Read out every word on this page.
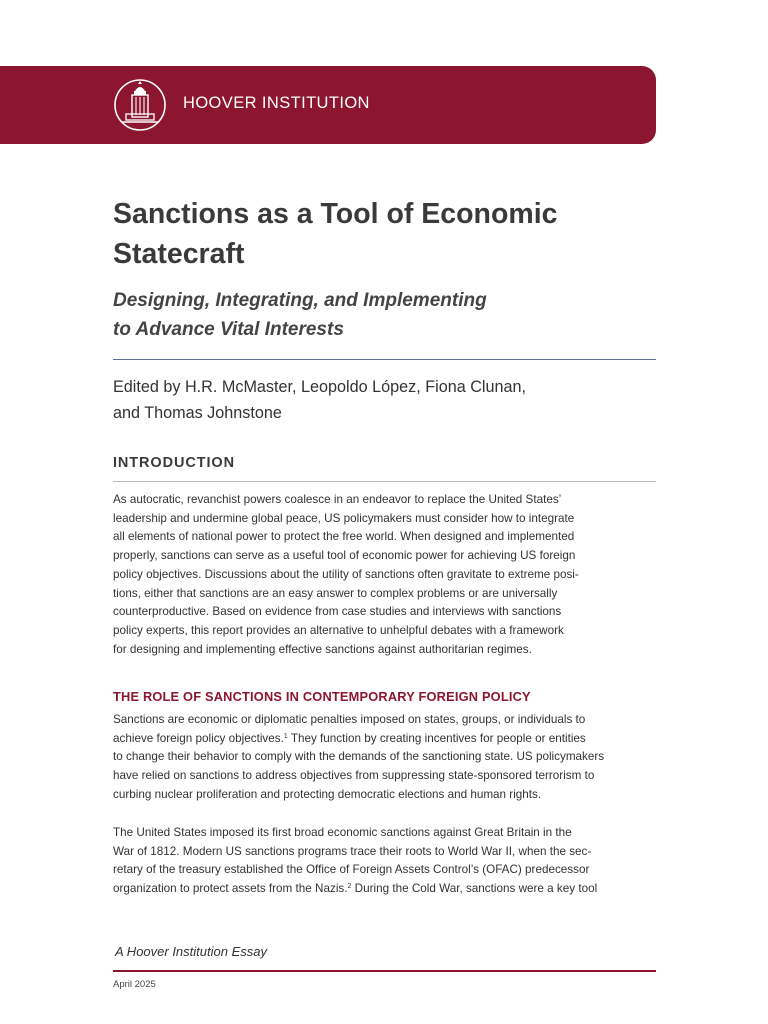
HOOVER INSTITUTION
Sanctions as a Tool of Economic Statecraft
Designing, Integrating, and Implementing
to Advance Vital Interests

Edited by H.R. McMaster, Leopoldo López, Fiona Clunan,
and Thomas Johnstone

INTRODUCTION
As autocratic, revanchist powers coalesce in an endeavor to replace the United States’
leadership and undermine global peace, US policymakers must consider how to integrate
all elements of national power to protect the free world. When designed and implemented
properly, sanctions can serve as a useful tool of economic power for achieving US foreign
policy objectives. Discussions about the utility of sanctions often gravitate to extreme posi-
tions, either that sanctions are an easy answer to complex problems or are universally
counterproductive. Based on evidence from case studies and interviews with sanctions
policy experts, this report provides an alternative to unhelpful debates with a framework
for designing and implementing effective sanctions against authoritarian regimes.
THE ROLE OF SANCTIONS IN CONTEMPORARY FOREIGN POLICY
Sanctions are economic or diplomatic penalties imposed on states, groups, or individuals to
achieve foreign policy objectives.$^1$ They function by creating incentives for people or entities
to change their behavior to comply with the demands of the sanctioning state. US policymakers
have relied on sanctions to address objectives from suppressing state-sponsored terrorism to
curbing nuclear proliferation and protecting democratic elections and human rights.
The United States imposed its first broad economic sanctions against Great Britain in the
War of 1812. Modern US sanctions programs trace their roots to World War II, when the sec-
retary of the treasury established the Office of Foreign Assets Control’s (OFAC) predecessor
organization to protect assets from the Nazis.$^2$ During the Cold War, sanctions were a key tool
A Hoover Institution Essay
April 2025
